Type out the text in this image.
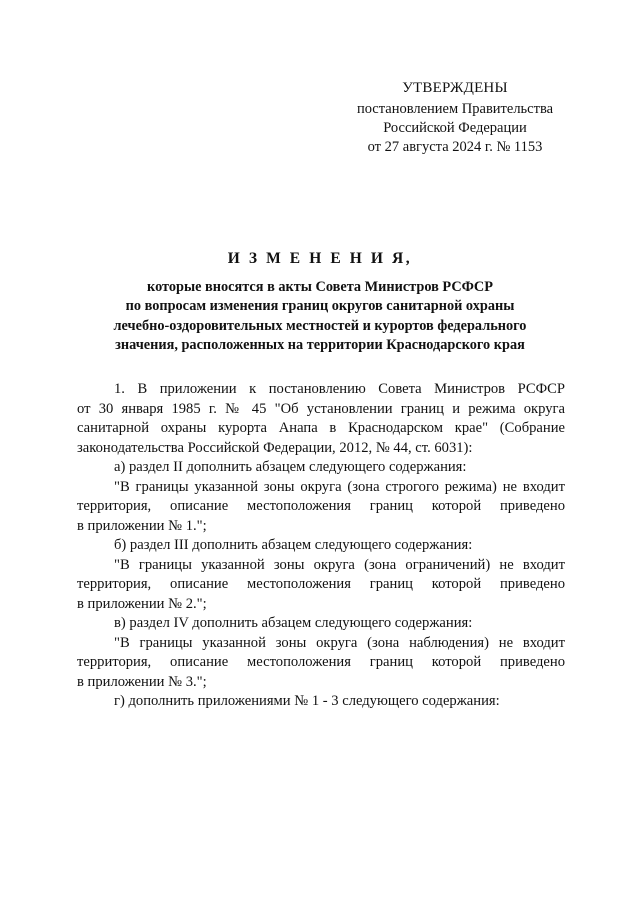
УТВЕРЖДЕНЫ
постановлением Правительства
Российской Федерации
от 27 августа 2024 г. № 1153
И З М Е Н Е Н И Я,
которые вносятся в акты Совета Министров РСФСР
по вопросам изменения границ округов санитарной охраны
лечебно-оздоровительных местностей и курортов федерального
значения, расположенных на территории Краснодарского края

1. В приложении к постановлению Совета Министров РСФСР
от 30 января 1985 г. № 45 "Об установлении границ и режима округа
санитарной охраны курорта Анапа в Краснодарском крае" (Собрание
законодательства Российской Федерации, 2012, № 44, ст. 6031):

а) раздел II дополнить абзацем следующего содержания:

"В границы указанной зоны округа (зона строгого режима) не входит
территория, описание местоположения границ которой приведено
в приложении № 1.";

б) раздел III дополнить абзацем следующего содержания:

"В границы указанной зоны округа (зона ограничений) не входит
территория, описание местоположения границ которой приведено
в приложении № 2.";

в) раздел IV дополнить абзацем следующего содержания:

"В границы указанной зоны округа (зона наблюдения) не входит
территория, описание местоположения границ которой приведено
в приложении № 3.";

г) дополнить приложениями № 1 - 3 следующего содержания:
